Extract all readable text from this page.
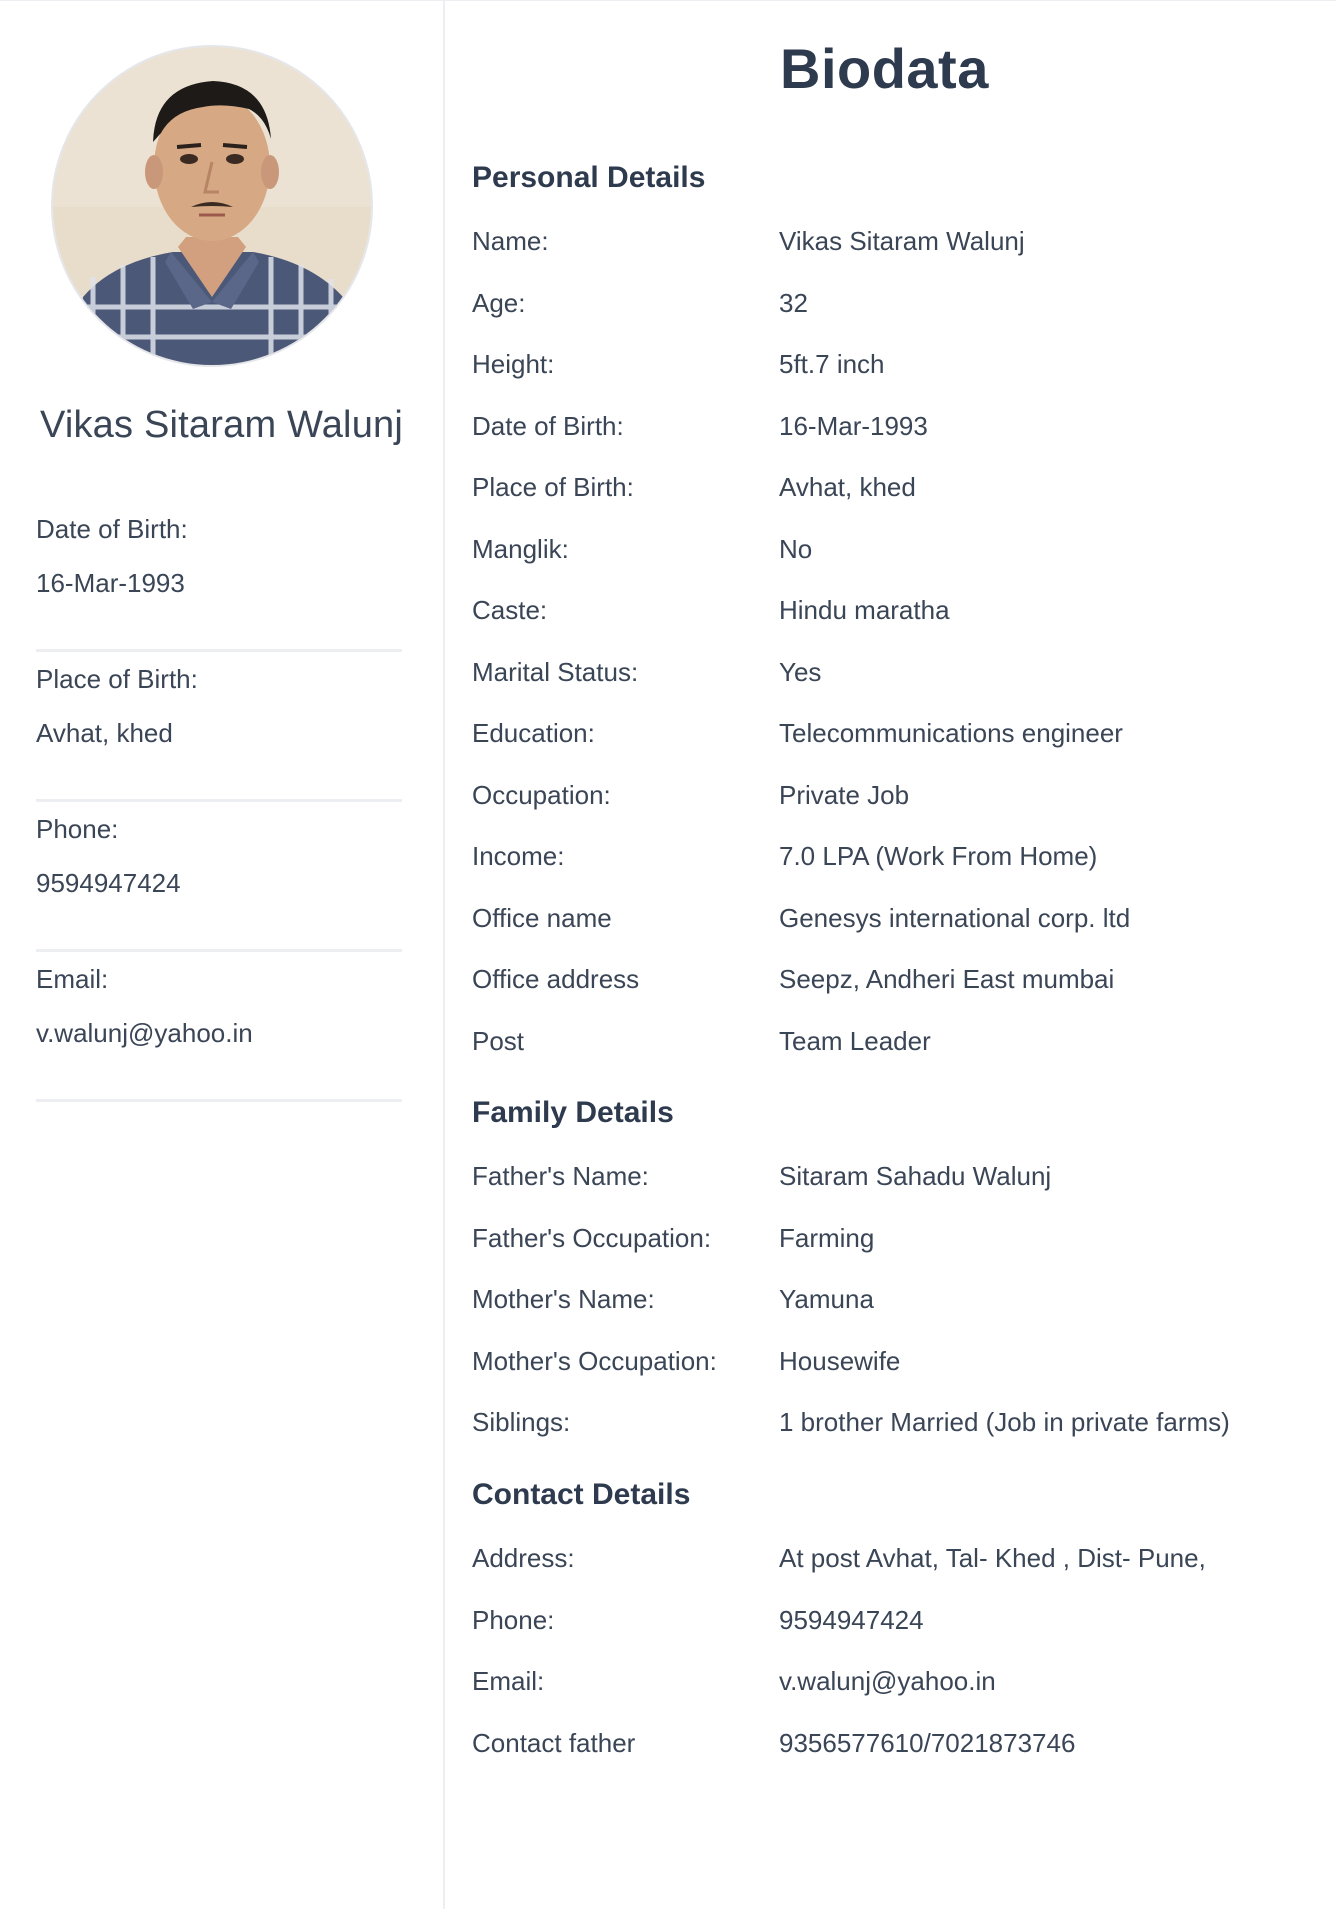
Vikas Sitaram Walunj
Date of Birth:
16-Mar-1993
Place of Birth:
Avhat, khed
Phone:
9594947424
Email:
v.walunj@yahoo.in
Biodata
Personal Details
Name:	Vikas Sitaram Walunj
Age:	32
Height:	5ft.7 inch
Date of Birth:	16-Mar-1993
Place of Birth:	Avhat, khed
Manglik:	No
Caste:	Hindu maratha
Marital Status:	Yes
Education:	Telecommunications engineer
Occupation:	Private Job
Income:	7.0 LPA (Work From Home)
Office name	Genesys international corp. ltd
Office address	Seepz, Andheri East mumbai
Post	Team Leader
Family Details
Father's Name:	Sitaram Sahadu Walunj
Father's Occupation:	Farming
Mother's Name:	Yamuna
Mother's Occupation:	Housewife
Siblings:	1 brother Married (Job in private farms)
Contact Details
Address:	At post Avhat, Tal- Khed , Dist- Pune,
Phone:	9594947424
Email:	v.walunj@yahoo.in
Contact father	9356577610/7021873746
